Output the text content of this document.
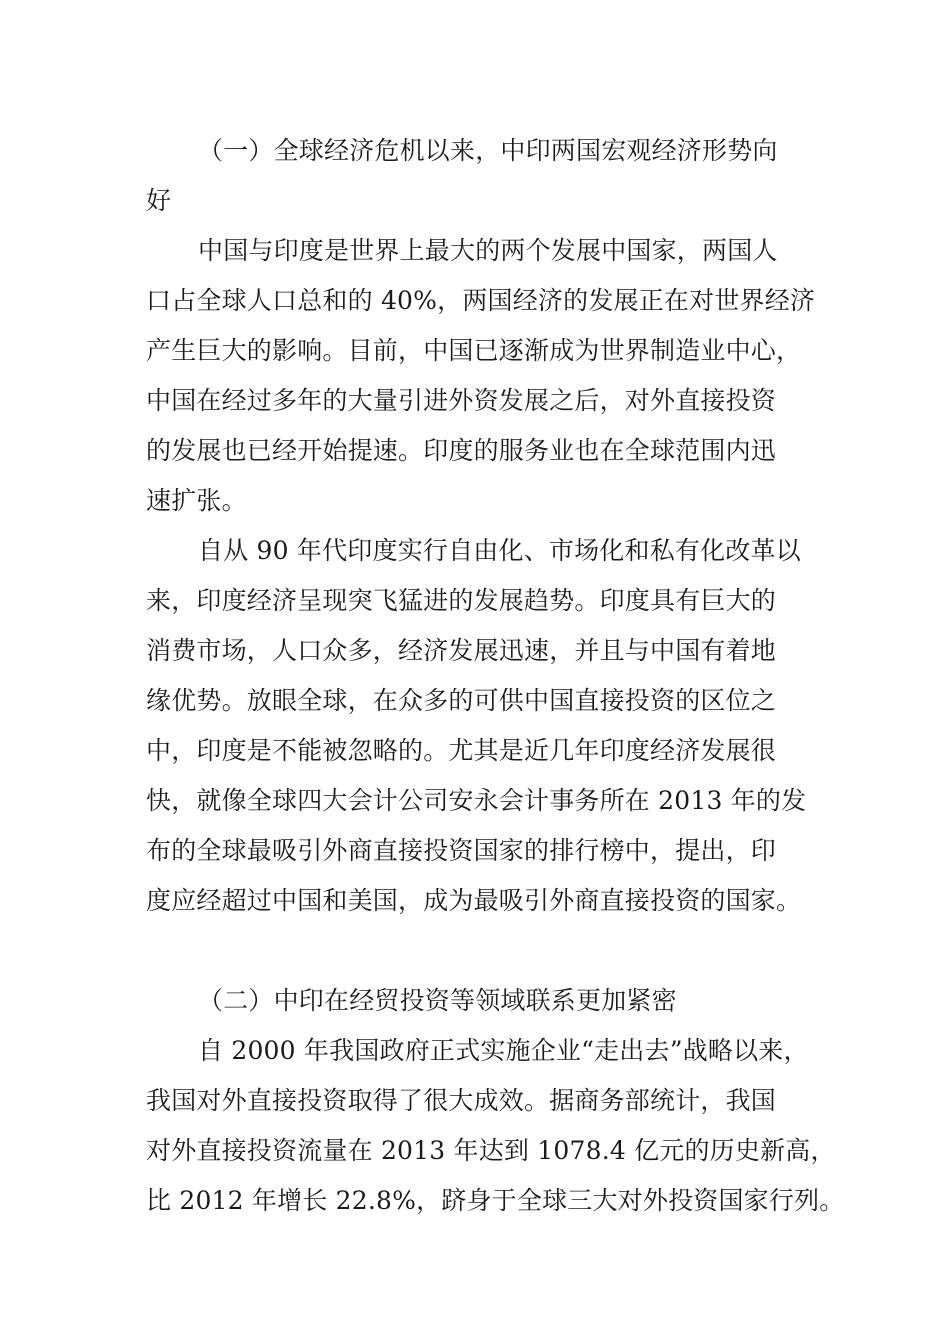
（一）全球经济危机以来，中印两国宏观经济形势向
好
中国与印度是世界上最大的两个发展中国家，两国人
口占全球人口总和的 40%，两国经济的发展正在对世界经济
产生巨大的影响。目前，中国已逐渐成为世界制造业中心，
中国在经过多年的大量引进外资发展之后，对外直接投资
的发展也已经开始提速。印度的服务业也在全球范围内迅
速扩张。
自从 90 年代印度实行自由化、市场化和私有化改革以
来，印度经济呈现突飞猛进的发展趋势。印度具有巨大的
消费市场，人口众多，经济发展迅速，并且与中国有着地
缘优势。放眼全球，在众多的可供中国直接投资的区位之
中，印度是不能被忽略的。尤其是近几年印度经济发展很
快，就像全球四大会计公司安永会计事务所在 2013 年的发
布的全球最吸引外商直接投资国家的排行榜中，提出，印
度应经超过中国和美国，成为最吸引外商直接投资的国家。
（二）中印在经贸投资等领域联系更加紧密
自 2000 年我国政府正式实施企业“走出去”战略以来，
我国对外直接投资取得了很大成效。据商务部统计，我国
对外直接投资流量在 2013 年达到 1078.4 亿元的历史新高，
比 2012 年增长 22.8%，跻身于全球三大对外投资国家行列。
